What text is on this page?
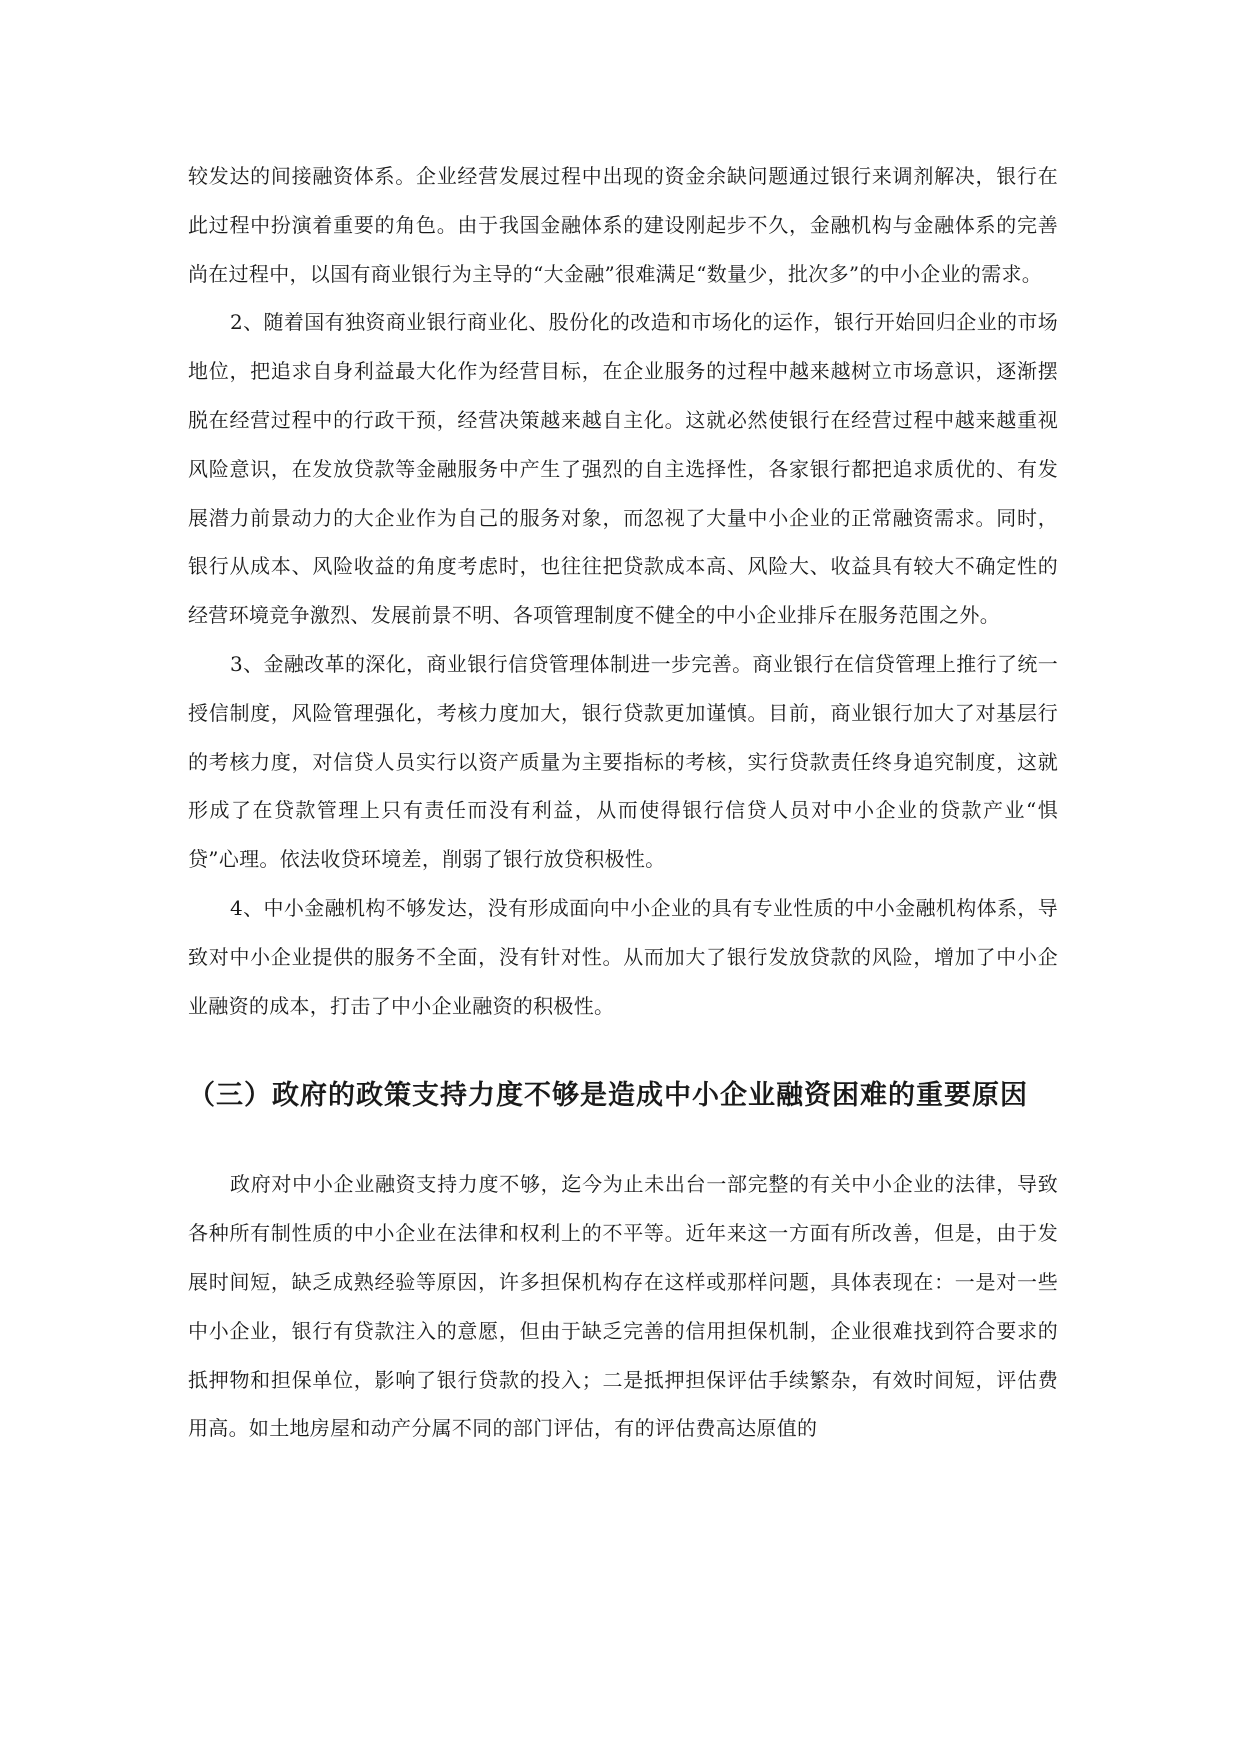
较发达的间接融资体系。企业经营发展过程中出现的资金余缺问题通过银行来调剂解决，银行在此过程中扮演着重要的角色。由于我国金融体系的建设刚起步不久，金融机构与金融体系的完善尚在过程中，以国有商业银行为主导的“大金融”很难满足“数量少，批次多”的中小企业的需求。

2、随着国有独资商业银行商业化、股份化的改造和市场化的运作，银行开始回归企业的市场地位，把追求自身利益最大化作为经营目标，在企业服务的过程中越来越树立市场意识，逐渐摆脱在经营过程中的行政干预，经营决策越来越自主化。这就必然使银行在经营过程中越来越重视风险意识，在发放贷款等金融服务中产生了强烈的自主选择性，各家银行都把追求质优的、有发展潜力前景动力的大企业作为自己的服务对象，而忽视了大量中小企业的正常融资需求。同时，银行从成本、风险收益的角度考虑时，也往往把贷款成本高、风险大、收益具有较大不确定性的经营环境竞争激烈、发展前景不明、各项管理制度不健全的中小企业排斥在服务范围之外。

3、金融改革的深化，商业银行信贷管理体制进一步完善。商业银行在信贷管理上推行了统一授信制度，风险管理强化，考核力度加大，银行贷款更加谨慎。目前，商业银行加大了对基层行的考核力度，对信贷人员实行以资产质量为主要指标的考核，实行贷款责任终身追究制度，这就形成了在贷款管理上只有责任而没有利益，从而使得银行信贷人员对中小企业的贷款产业“惧贷”心理。依法收贷环境差，削弱了银行放贷积极性。

4、中小金融机构不够发达，没有形成面向中小企业的具有专业性质的中小金融机构体系，导致对中小企业提供的服务不全面，没有针对性。从而加大了银行发放贷款的风险，增加了中小企业融资的成本，打击了中小企业融资的积极性。

（三）政府的政策支持力度不够是造成中小企业融资困难的重要原因

政府对中小企业融资支持力度不够，迄今为止未出台一部完整的有关中小企业的法律，导致各种所有制性质的中小企业在法律和权利上的不平等。近年来这一方面有所改善，但是，由于发展时间短，缺乏成熟经验等原因，许多担保机构存在这样或那样问题，具体表现在：一是对一些中小企业，银行有贷款注入的意愿，但由于缺乏完善的信用担保机制，企业很难找到符合要求的抵押物和担保单位，影响了银行贷款的投入；二是抵押担保评估手续繁杂，有效时间短，评估费用高。如土地房屋和动产分属不同的部门评估，有的评估费高达原值的
